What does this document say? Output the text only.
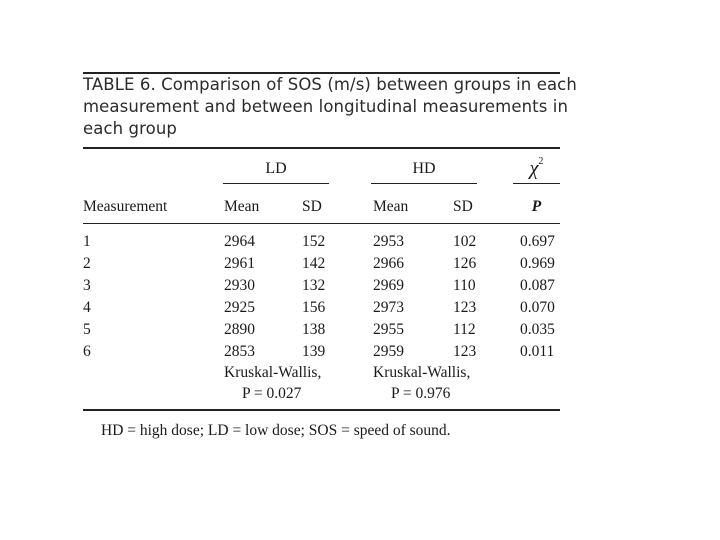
TABLE 6. Comparison of SOS (m/s) between groups in each
measurement and between longitudinal measurements in
each group
LD	HD	$\chi^2$
Measurement	Mean	SD	Mean	SD	P
1	2964	152	2953	102	0.697
2	2961	142	2966	126	0.969
3	2930	132	2969	110	0.087
4	2925	156	2973	123	0.070
5	2890	138	2955	112	0.035
6	2853	139	2959	123	0.011
Kruskal-Wallis,
P = 0.027
Kruskal-Wallis,
P = 0.976
HD = high dose; LD = low dose; SOS = speed of sound.
